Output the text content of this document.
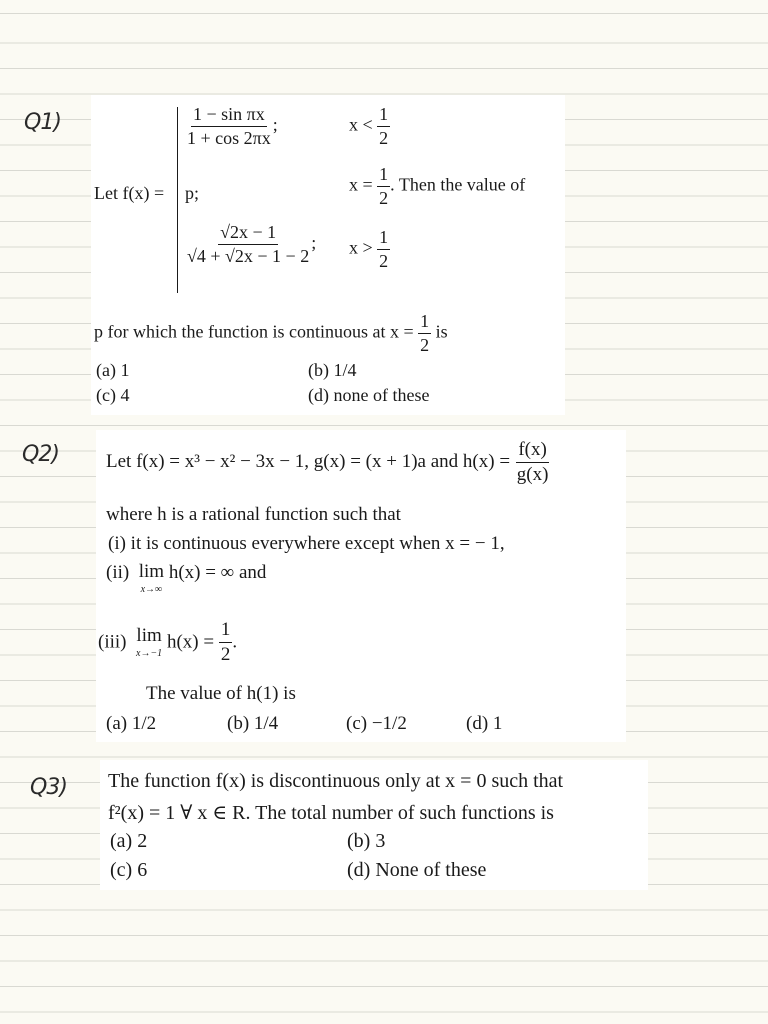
Q1)
Q2)
Q3)
Let f(x) =
$\frac{\text{1 − sin πx}}{1 + \cos 2\pi x}$ ;	$x < \frac{1}{2}$
p;	$x = \frac{1}{2}$ . Then the value of
$\frac{√2x - 1}{√4 + √2x - 1 - 2}$ ; $x > \frac{1}{2}$
p for which the function is continuous at $x = \frac{1}{2}$ is
(a) 1	(b) 1/4
(c) 4	(d) none of these
Let f(x) = x³ − x² − 3x − 1, g(x) = (x + 1)a and $h(x) = \frac{f(x)}{g(x)}$
where h is a rational function such that
(i) it is continuous everywhere except when x = − 1,
(ii) lim
x→∞
h(x) = ∞ and
(iii) lim
x→−1
$h(x) = \frac{1}{2}$ .
The value of h(1) is
(a) 1/2	(b) 1/4	(c) −1/2	(d) 1
The function f(x) is discontinuous only at x = 0 such that
f²(x) = 1 ∀ x ∈ R. The total number of such functions is
(a) 2	(b) 3
(c) 6	(d) None of these
